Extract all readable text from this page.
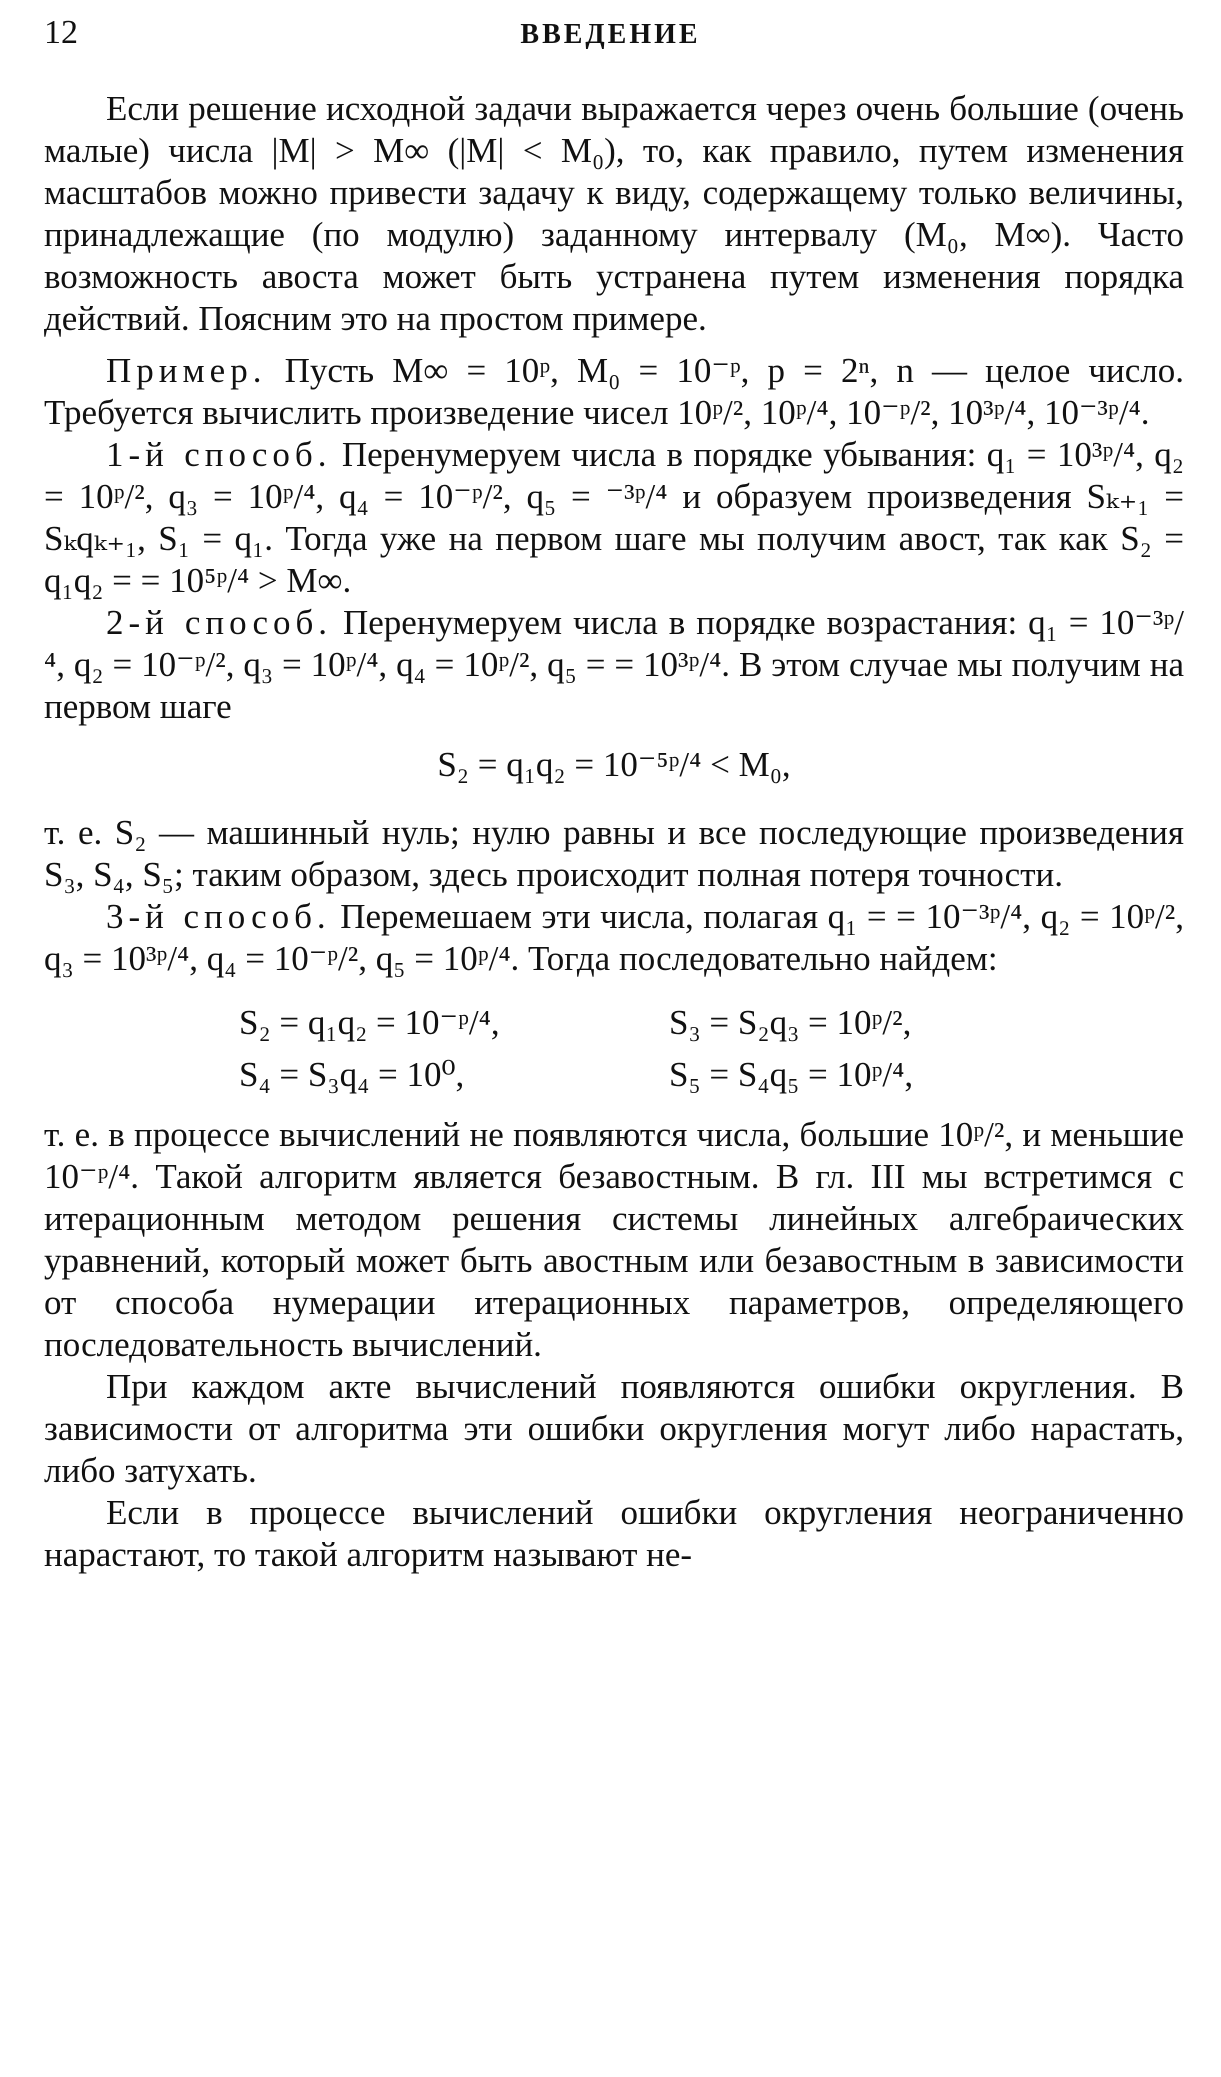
12	ВВЕДЕНИЕ

Если решение исходной задачи выражается через очень большие (очень малые) числа |M| > M∞ (|M| < M₀), то, как правило, путем изменения масштабов можно привести задачу к виду, содержащему только величины, принадлежащие (по модулю) заданному интервалу (M₀, M∞). Часто возможность авоста может быть устранена путем изменения порядка действий. Поясним это на простом примере.

Пример. Пусть M∞ = 10ᵖ, M₀ = 10⁻ᵖ, p = 2ⁿ, n — целое число. Требуется вычислить произведение чисел 10ᵖ/², 10ᵖ/⁴, 10⁻ᵖ/², 10³ᵖ/⁴, 10⁻³ᵖ/⁴.

1-й способ. Перенумеруем числа в порядке убывания: q₁ = 10³ᵖ/⁴, q₂ = 10ᵖ/², q₃ = 10ᵖ/⁴, q₄ = 10⁻ᵖ/², q₅ = ⁻³ᵖ/⁴ и образуем произведения Sₖ₊₁ = Sₖqₖ₊₁, S₁ = q₁. Тогда уже на первом шаге мы получим авост, так как S₂ = q₁q₂ = = 10⁵ᵖ/⁴ > M∞.

2-й способ. Перенумеруем числа в порядке возрастания: q₁ = 10⁻³ᵖ/⁴, q₂ = 10⁻ᵖ/², q₃ = 10ᵖ/⁴, q₄ = 10ᵖ/², q₅ = = 10³ᵖ/⁴. В этом случае мы получим на первом шаге

S₂ = q₁q₂ = 10⁻⁵ᵖ/⁴ < M₀,

т. е. S₂ — машинный нуль; нулю равны и все последующие произведения S₃, S₄, S₅; таким образом, здесь происходит полная потеря точности.

3-й способ. Перемешаем эти числа, полагая q₁ = = 10⁻³ᵖ/⁴, q₂ = 10ᵖ/², q₃ = 10³ᵖ/⁴, q₄ = 10⁻ᵖ/², q₅ = 10ᵖ/⁴. Тогда последовательно найдем:

S₂ = q₁q₂ = 10⁻ᵖ/⁴,	S₃ = S₂q₃ = 10ᵖ/²,
S₄ = S₃q₄ = 10⁰,	S₅ = S₄q₅ = 10ᵖ/⁴,

т. е. в процессе вычислений не появляются числа, большие 10ᵖ/², и меньшие 10⁻ᵖ/⁴. Такой алгоритм является безавостным. В гл. III мы встретимся с итерационным методом решения системы линейных алгебраических уравнений, который может быть авостным или безавостным в зависимости от способа нумерации итерационных параметров, определяющего последовательность вычислений.

При каждом акте вычислений появляются ошибки округления. В зависимости от алгоритма эти ошибки округления могут либо нарастать, либо затухать.

Если в процессе вычислений ошибки округления неограниченно нарастают, то такой алгоритм называют не-
